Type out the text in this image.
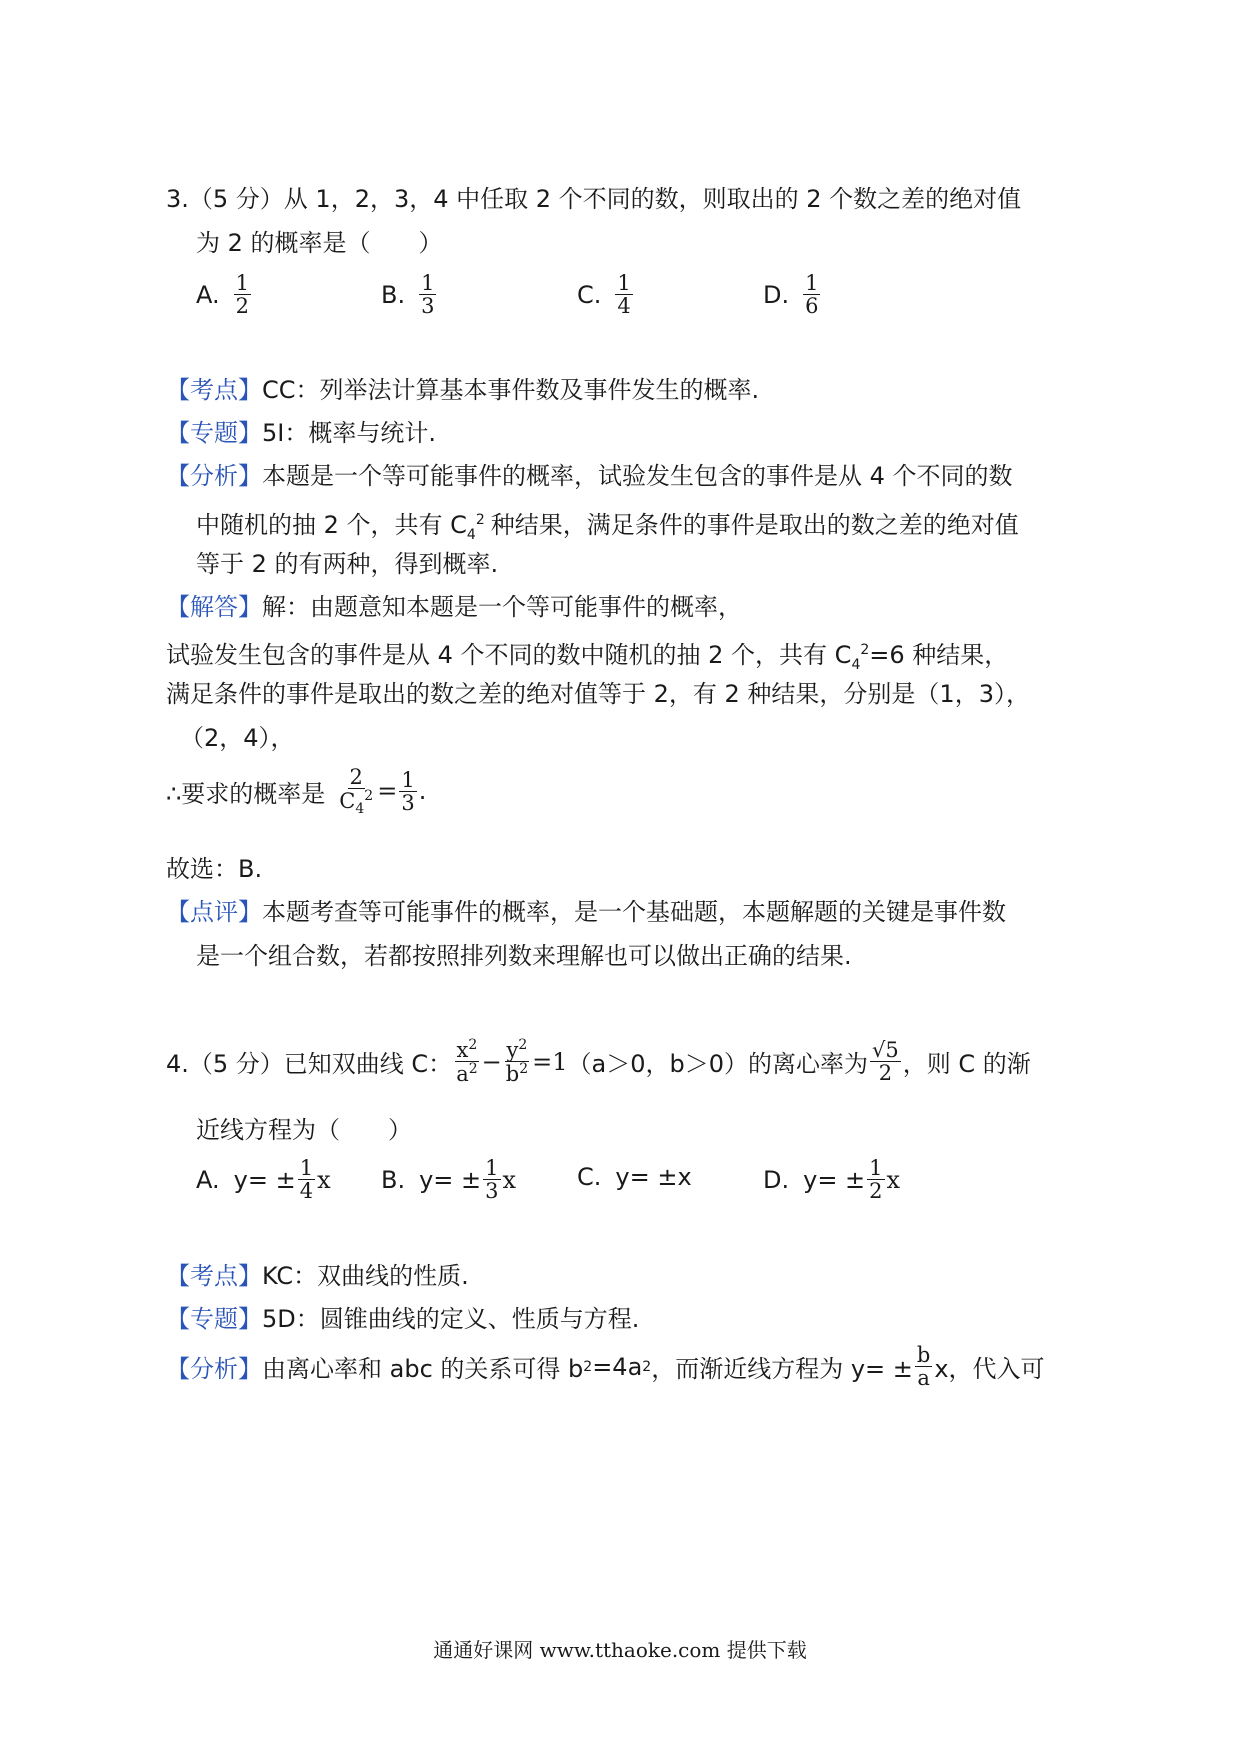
3.（5 分）从 1，2，3，4 中任取 2 个不同的数，则取出的 2 个数之差的绝对值
为 2 的概率是（　　）
A. $\frac{1}{2}$	B. $\frac{1}{3}$	C. $\frac{1}{4}$	D. $\frac{1}{6}$
【考点】CC：列举法计算基本事件数及事件发生的概率.
【专题】5I：概率与统计.
【分析】本题是一个等可能事件的概率，试验发生包含的事件是从 4 个不同的数
中随机的抽 2 个，共有 $C_4^2$ 种结果，满足条件的事件是取出的数之差的绝对值
等于 2 的有两种，得到概率.
【解答】解：由题意知本题是一个等可能事件的概率，
试验发生包含的事件是从 4 个不同的数中随机的抽 2 个，共有 $C_4^2=6$ 种结果，
满足条件的事件是取出的数之差的绝对值等于 2，有 2 种结果，分别是（1，3），
（2，4），
∴要求的概率是 $\frac{2}{C_4^2} = \frac{1}{3}$ .
故选：B.
【点评】本题考查等可能事件的概率，是一个基础题，本题解题的关键是事件数
是一个组合数，若都按照排列数来理解也可以做出正确的结果.
4.（5 分）已知双曲线 C： $\frac{x^2}{a^2} - \frac{y^2}{b^2} =1$ （a＞0，b＞0）的离心率为 $\frac{√5}{2}$ ，则 C 的渐
近线方程为（　　）
A. $y= \pm \frac{1}{4}$ x B. $y= \pm \frac{1}{3}$ x	C. y= ±x	D. $y= \pm \frac{1}{2}$ x
【考点】KC：双曲线的性质.
【专题】5D：圆锥曲线的定义、性质与方程.
【分析】 由离心率和 abc 的关系可得 b 2 =4a 2 ，而渐近线方程为 $y= \pm \frac{b}{a}$ x，代入可
通通好课网 www.tthaoke.com 提供下载
